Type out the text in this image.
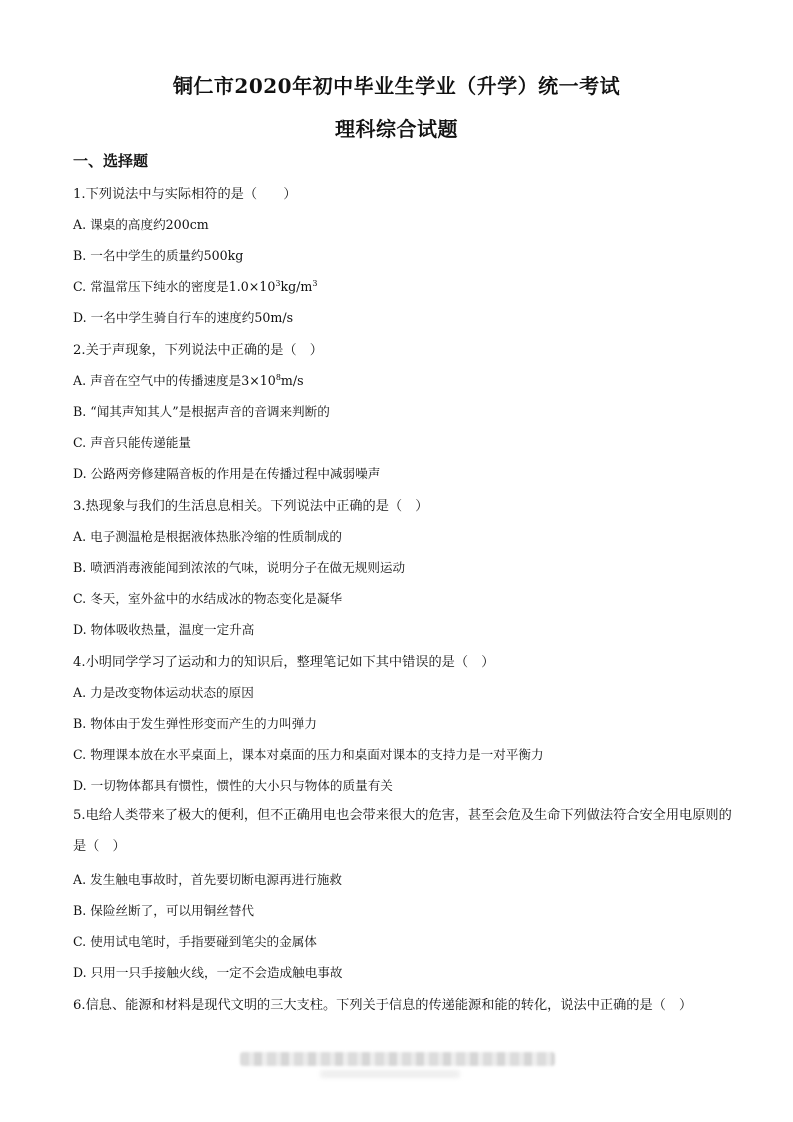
铜仁市2020年初中毕业生学业（升学）统一考试
理科综合试题
一、选择题
1.下列说法中与实际相符的是（　　）
A. 课桌的高度约200cm
B. 一名中学生的质量约500kg
C. 常温常压下纯水的密度是$1.0\times 10^3kg/m^3$
D. 一名中学生骑自行车的速度约50m/s
2.关于声现象，下列说法中正确的是（　）
A. 声音在空气中的传播速度是$3\times 10^8m/s$
B. “闻其声知其人”是根据声音的音调来判断的
C. 声音只能传递能量
D. 公路两旁修建隔音板的作用是在传播过程中减弱噪声
3.热现象与我们的生活息息相关。下列说法中正确的是（　）
A. 电子测温枪是根据液体热胀冷缩的性质制成的
B. 喷洒消毒液能闻到浓浓的气味，说明分子在做无规则运动
C. 冬天，室外盆中的水结成冰的物态变化是凝华
D. 物体吸收热量，温度一定升高
4.小明同学学习了运动和力的知识后，整理笔记如下其中错误的是（　）
A. 力是改变物体运动状态的原因
B. 物体由于发生弹性形变而产生的力叫弹力
C. 物理课本放在水平桌面上，课本对桌面的压力和桌面对课本的支持力是一对平衡力
D. 一切物体都具有惯性，惯性的大小只与物体的质量有关
5.电给人类带来了极大的便利，但不正确用电也会带来很大的危害，甚至会危及生命下列做法符合安全用电原则的是（　）
A. 发生触电事故时，首先要切断电源再进行施救
B. 保险丝断了，可以用铜丝替代
C. 使用试电笔时，手指要碰到笔尖的金属体
D. 只用一只手接触火线，一定不会造成触电事故
6.信息、能源和材料是现代文明的三大支柱。下列关于信息的传递能源和能的转化，说法中正确的是（　）
